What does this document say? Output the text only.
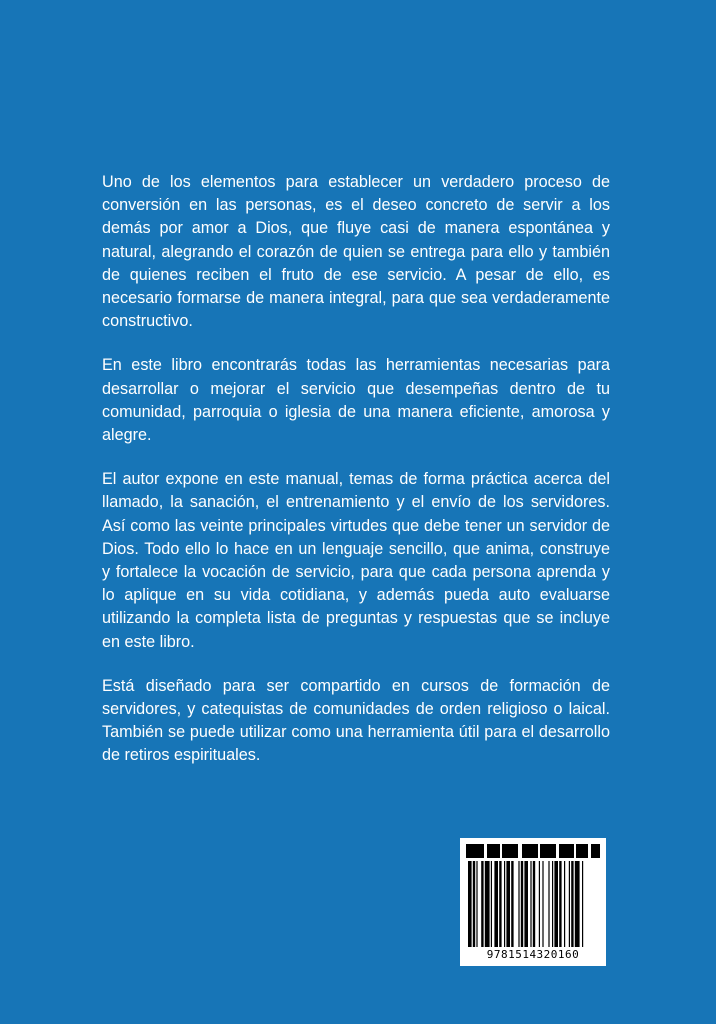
Uno de los elementos para establecer un verdadero proceso de conversión en las personas, es el deseo concreto de servir a los demás por amor a Dios, que fluye casi de manera espontánea y natural, alegrando el corazón de quien se entrega para ello y también de quienes reciben el fruto de ese servicio. A pesar de ello, es necesario formarse de manera integral, para que sea verdaderamente constructivo.

En este libro encontrarás todas las herramientas necesarias para desarrollar o mejorar el servicio que desempeñas dentro de tu comunidad, parroquia o iglesia de una manera eficiente, amorosa y alegre.

El autor expone en este manual, temas de forma práctica acerca del llamado, la sanación, el entrenamiento y el envío de los servidores. Así como las veinte principales virtudes que debe tener un servidor de Dios. Todo ello lo hace en un lenguaje sencillo, que anima, construye y fortalece la vocación de servicio, para que cada persona aprenda y lo aplique en su vida cotidiana, y además pueda auto evaluarse utilizando la completa lista de preguntas y respuestas que se incluye en este libro.

Está diseñado para ser compartido en cursos de formación de servidores, y catequistas de comunidades de orden religioso o laical. También se puede utilizar como una herramienta útil para el desarrollo de retiros espirituales.

9781514320160
